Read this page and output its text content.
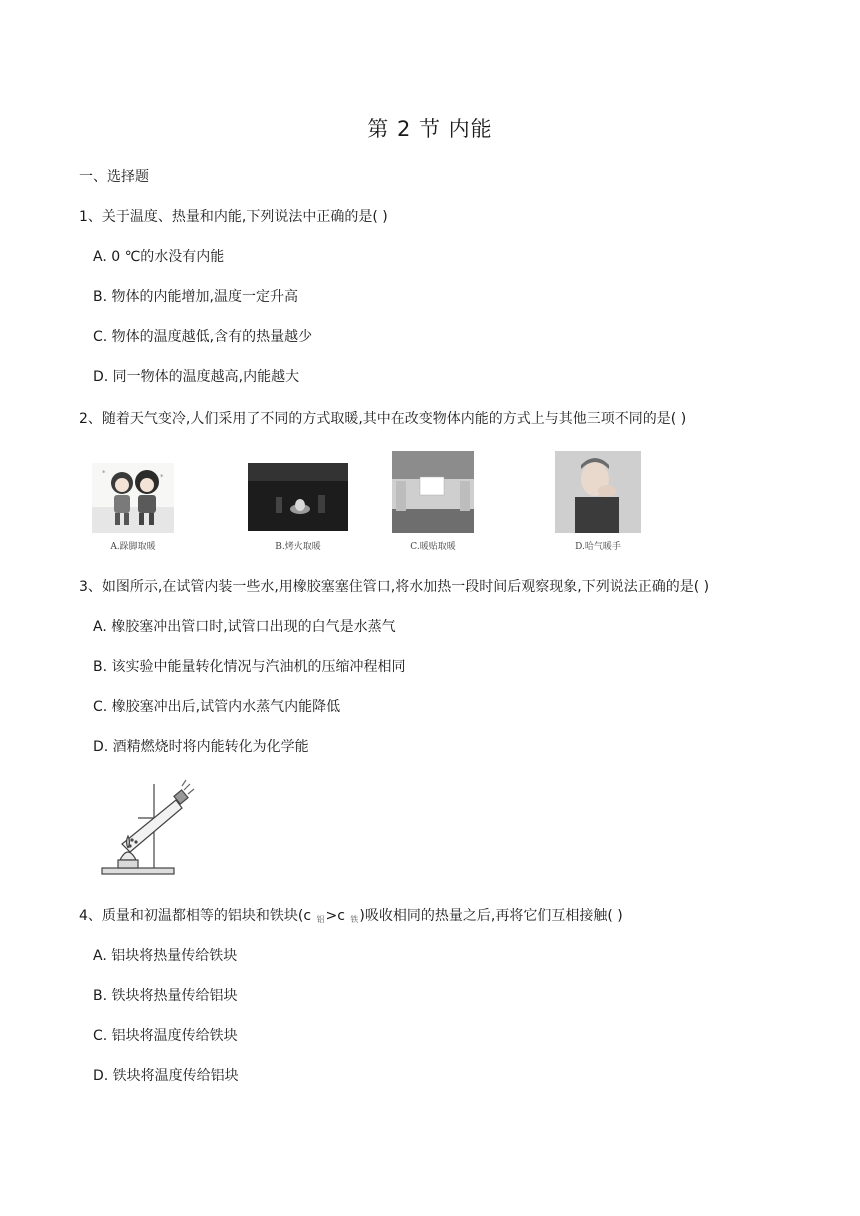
第 2 节 内能
一、选择题
1、关于温度、热量和内能,下列说法中正确的是( )
A. 0 ℃的水没有内能
B. 物体的内能增加,温度一定升高
C. 物体的温度越低,含有的热量越少
D. 同一物体的温度越高,内能越大
2、随着天气变冷,人们采用了不同的方式取暖,其中在改变物体内能的方式上与其他三项不同的是( )
*
*
A.跺脚取暖	B.烤火取暖	C.暖贴取暖	D.哈气暖手
3、如图所示,在试管内装一些水,用橡胶塞塞住管口,将水加热一段时间后观察现象,下列说法正确的是( )
A. 橡胶塞冲出管口时,试管口出现的白气是水蒸气
B. 该实验中能量转化情况与汽油机的压缩冲程相同
C. 橡胶塞冲出后,试管内水蒸气内能降低
D. 酒精燃烧时将内能转化为化学能
4、质量和初温都相等的铝块和铁块(c $_铝$>c $_铁$)吸收相同的热量之后,再将它们互相接触( )
A. 铝块将热量传给铁块
B. 铁块将热量传给铝块
C. 铝块将温度传给铁块
D. 铁块将温度传给铝块
